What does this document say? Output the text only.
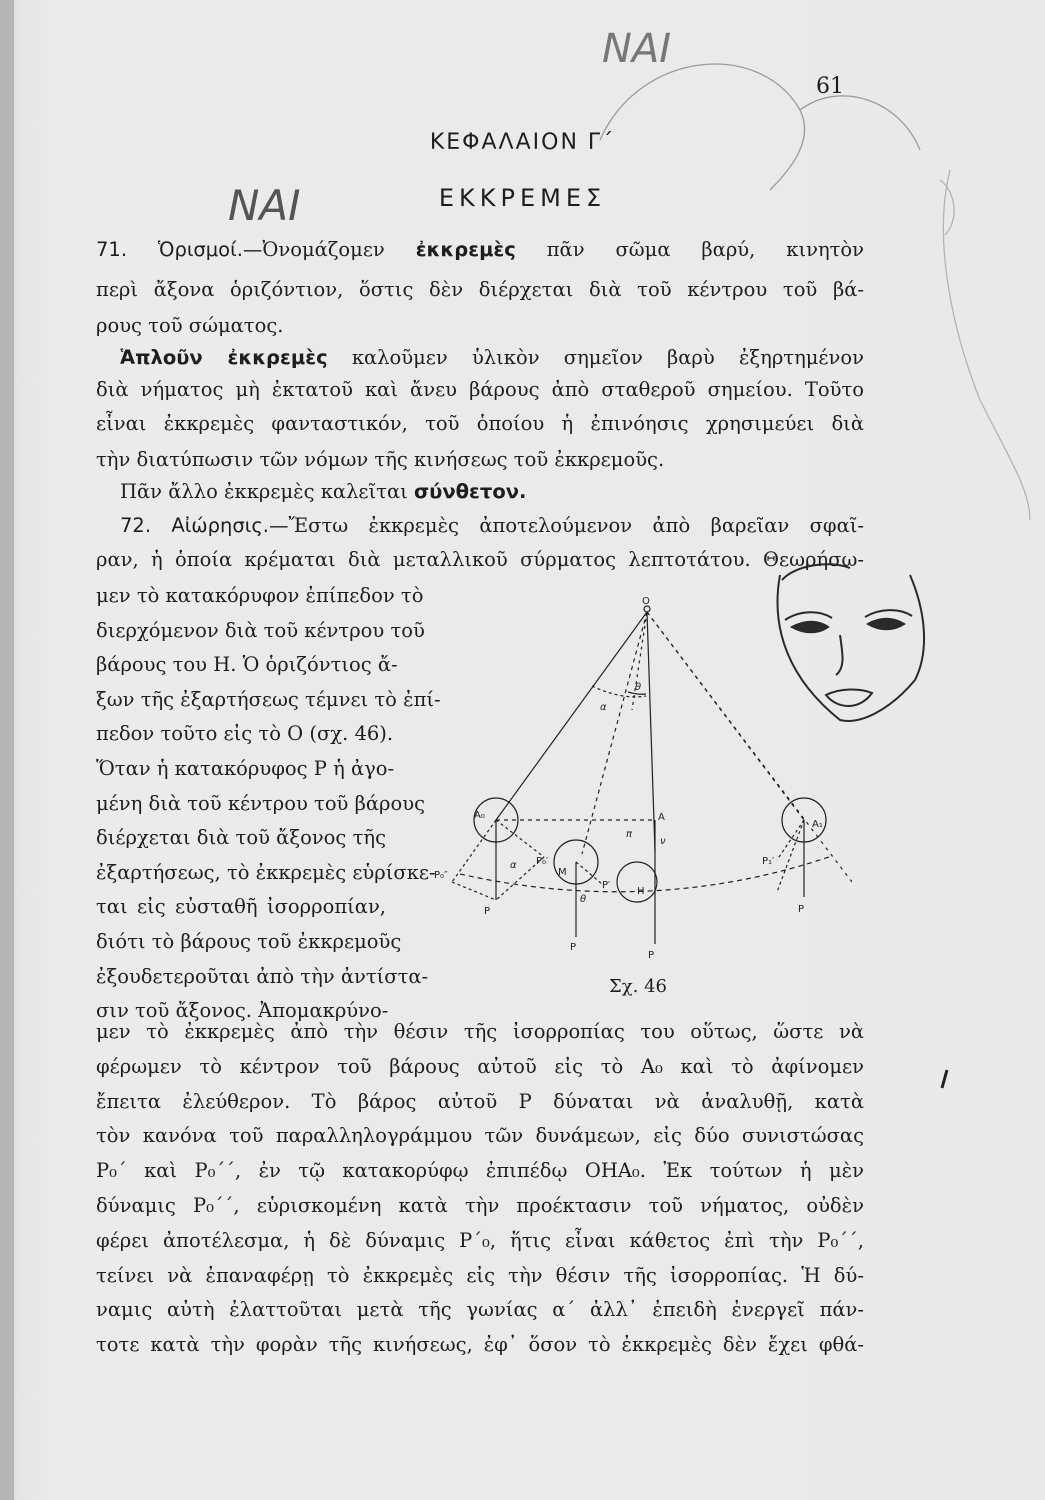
ΝΑΙ
ΝΑΙ
61
ΚΕΦΑΛΑΙΟΝ Γ΄
ΕΚΚΡΕΜΕΣ
71. Ὁρισμοί.—Ὀνομάζομεν ἐκκρεμὲς πᾶν σῶμα βαρύ, κινητὸν
περὶ ἄξονα ὁριζόντιον, ὅστις δὲν διέρχεται διὰ τοῦ κέντρου τοῦ βά-
ρους τοῦ σώματος.
Ἁπλοῦν ἐκκρεμὲς καλοῦμεν ὑλικὸν σημεῖον βαρὺ ἐξηρτημένον
διὰ νήματος μὴ ἐκτατοῦ καὶ ἄνευ βάρους ἀπὸ σταθεροῦ σημείου. Τοῦτο
εἶναι ἐκκρεμὲς φανταστικόν, τοῦ ὁποίου ἡ ἐπινόησις χρησιμεύει διὰ
τὴν διατύπωσιν τῶν νόμων τῆς κινήσεως τοῦ ἐκκρεμοῦς.
Πᾶν ἄλλο ἐκκρεμὲς καλεῖται σύνθετον.
72. Αἰώρησις.—Ἔστω ἐκκρεμὲς ἀποτελούμενον ἀπὸ βαρεῖαν σφαῖ-
ραν, ἡ ὁποία κρέμαται διὰ μεταλλικοῦ σύρματος λεπτοτάτου. Θεωρήσω-
μεν τὸ κατακόρυφον ἐπίπεδον τὸ
διερχόμενον διὰ τοῦ κέντρου τοῦ
βάρους του Η. Ὁ ὁριζόντιος ἄ-
ξων τῆς ἐξαρτήσεως τέμνει τὸ ἐπί-
πεδον τοῦτο εἰς τὸ Ο (σχ. 46).
Ὅταν ἡ κατακόρυφος Ρ ἡ ἀγο-
μένη διὰ τοῦ κέντρου τοῦ βάρους
διέρχεται διὰ τοῦ ἄξονος τῆς
ἐξαρτήσεως, τὸ ἐκκρεμὲς εὑρίσκε-
ται εἰς εὐσταθῆ ἰσορροπίαν,
διότι τὸ βάρους τοῦ ἐκκρεμοῦς
ἐξουδετεροῦται ἀπὸ τὴν ἀντίστα-
σιν τοῦ ἄξονος. Ἀπομακρύνο-
μεν τὸ ἐκκρεμὲς ἀπὸ τὴν θέσιν τῆς ἰσορροπίας του οὕτως, ὥστε νὰ
φέρωμεν τὸ κέντρον τοῦ βάρους αὐτοῦ εἰς τὸ Α₀ καὶ τὸ ἀφίνομεν
ἔπειτα ἐλεύθερον. Τὸ βάρος αὐτοῦ Ρ δύναται νὰ ἀναλυθῇ, κατὰ
τὸν κανόνα τοῦ παραλληλογράμμου τῶν δυνάμεων, εἰς δύο συνιστώσας
Ρ₀΄ καὶ Ρ₀΄΄, ἐν τῷ κατακορύφῳ ἐπιπέδῳ ΟΗΑ₀. Ἐκ τούτων ἡ μὲν
δύναμις Ρ₀΄΄, εὑρισκομένη κατὰ τὴν προέκτασιν τοῦ νήματος, οὐδὲν
φέρει ἀποτέλεσμα, ἡ δὲ δύναμις Ρ΄₀, ἥτις εἶναι κάθετος ἐπὶ τὴν Ρ₀΄΄,
τείνει νὰ ἐπαναφέρῃ τὸ ἐκκρεμὲς εἰς τὴν θέσιν τῆς ἰσορροπίας. Ἡ δύ-
ναμις αὐτὴ ἐλαττοῦται μετὰ τῆς γωνίας α΄ ἀλλ᾽ ἐπειδὴ ἐνεργεῖ πάν-
τοτε κατὰ τὴν φορὰν τῆς κινήσεως, ἐφ᾽ ὅσον τὸ ἐκκρεμὲς δὲν ἔχει φθά-
O
θ
α
A₀	A
A₁
M
H
π
ν
α
θ
P₀″
P₀′
P′
P₁′
P
P
P
P
Σχ. 46
